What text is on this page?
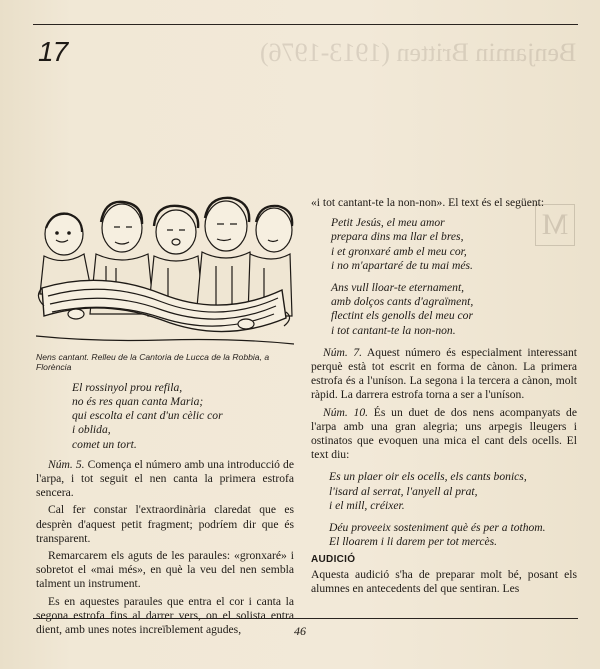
17	Benjamin Britten (1913-1976)
M
Nens cantant. Relleu de la Cantoria de Lucca de la Robbia, a Florència
El rossinyol prou refila,
no és res quan canta Maria;
qui escolta el cant d'un cèlic cor
i oblida,
comet un tort.

Núm. 5. Comença el número amb una introducció de l'arpa, i tot seguit el nen canta la primera estrofa sencera.

Cal fer constar l'extraordinària claredat que es desprèn d'aquest petit fragment; podríem dir que és transparent.

Remarcarem els aguts de les paraules: «gronxaré» i sobretot el «mai més», en què la veu del nen sembla talment un instrument.

Es en aquestes paraules que entra el cor i canta la segona estrofa fins al darrer vers, on el solista entra dient, amb unes notes increïblement agudes,

«i tot cantant-te la non-non». El text és el següent:

Petit Jesús, el meu amor
prepara dins ma llar el bres,
i et gronxaré amb el meu cor,
i no m'apartaré de tu mai més.
Ans vull lloar-te eternament,
amb dolços cants d'agraïment,
flectint els genolls del meu cor
i tot cantant-te la non-non.

Núm. 7. Aquest número és especialment interessant perquè està tot escrit en forma de cànon. La primera estrofa és a l'uníson. La segona i la tercera a cànon, molt ràpid. La darrera estrofa torna a ser a l'uníson.

Núm. 10. És un duet de dos nens acompanyats de l'arpa amb una gran alegria; uns arpegis lleugers i ostinatos que evoquen una mica el cant dels ocells. El text diu:

Es un plaer oir els ocells, els cants bonics,
l'isard al serrat, l'anyell al prat,
i el mill, créixer.
Déu proveeix sosteniment què és per a tothom.
El lloarem i li darem per tot mercès.
AUDICIÓ

Aquesta audició s'ha de preparar molt bé, posant els alumnes en antecedents del que sentiran. Les

46
